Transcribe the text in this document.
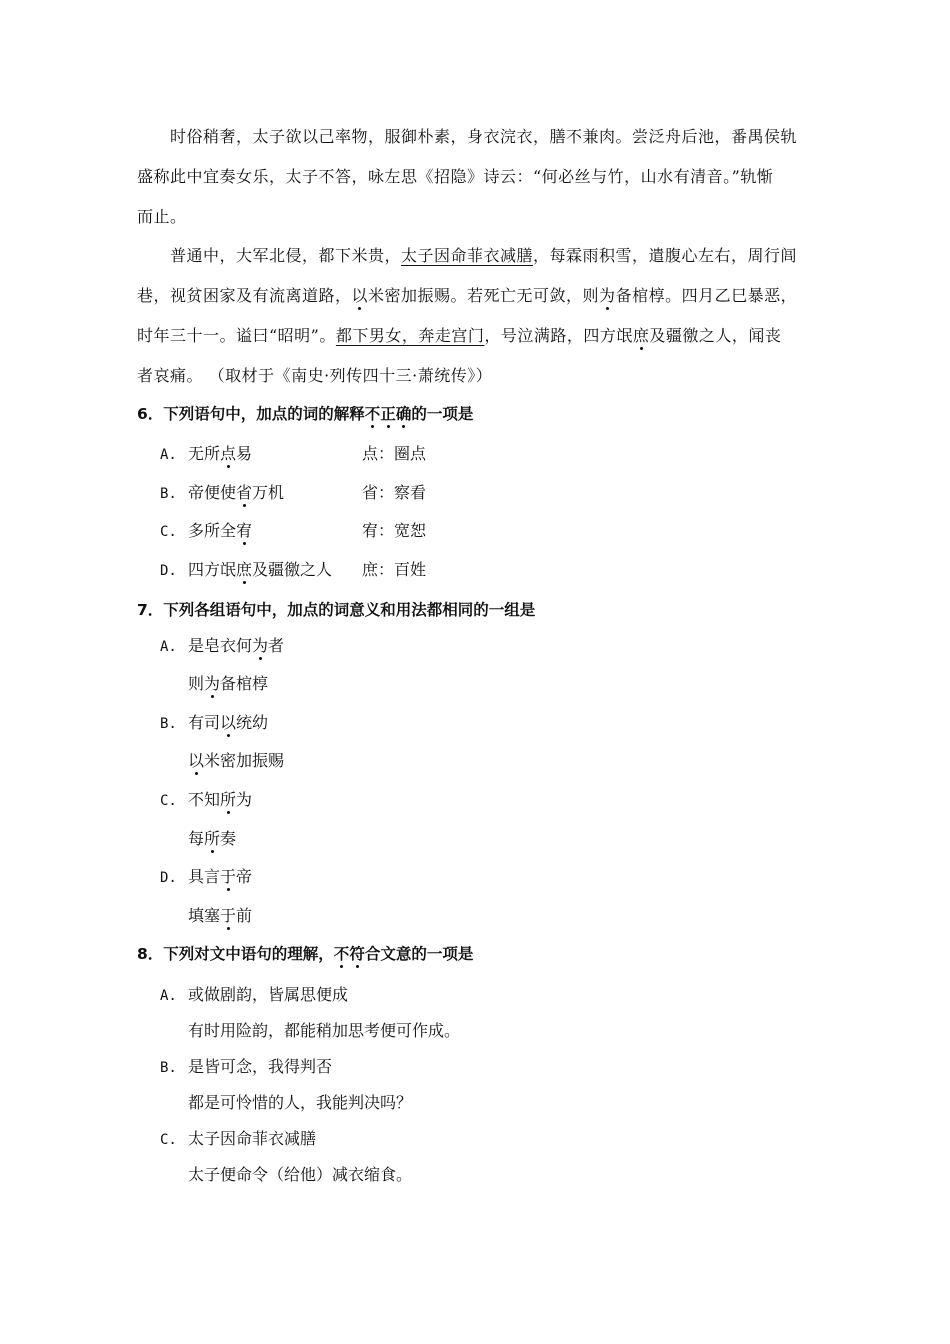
时俗稍奢，太子欲以己率物，服御朴素，身衣浣衣，膳不兼肉。尝泛舟后池，番禺侯轨
盛称此中宜奏女乐，太子不答，咏左思《招隐》诗云：“何必丝与竹，山水有清音。”轨惭
而止。
普通中，大军北侵，都下米贵，太子因命菲衣减膳，每霖雨积雪，遣腹心左右，周行闾
巷，视贫困家及有流离道路，以米密加振赐。若死亡无可敛，则为备棺椁。四月乙巳暴恶，
时年三十一。谥曰“昭明”。都下男女，奔走宫门，号泣满路，四方氓庶及疆徼之人，闻丧
者哀痛。 （取材于《南史·列传四十三·萧统传》）
6．下列语句中，加点的词的解释不正确的一项是
A. 无所点易	点：圈点
B. 帝便使省万机	省：察看
C. 多所全宥	宥：宽恕
D. 四方氓庶及疆徼之人 庶：百姓
7．下列各组语句中，加点的词意义和用法都相同的一组是
A. 是皂衣何为者
则为备棺椁
B. 有司以统幼
以米密加振赐
C. 不知所为
每所奏
D. 具言于帝
填塞于前
8．下列对文中语句的理解，不符合文意的一项是
A. 或做剧韵，皆属思便成
有时用险韵，都能稍加思考便可作成。
B. 是皆可念，我得判否
都是可怜惜的人，我能判决吗？
C. 太子因命菲衣减膳
太子便命令（给他）减衣缩食。
